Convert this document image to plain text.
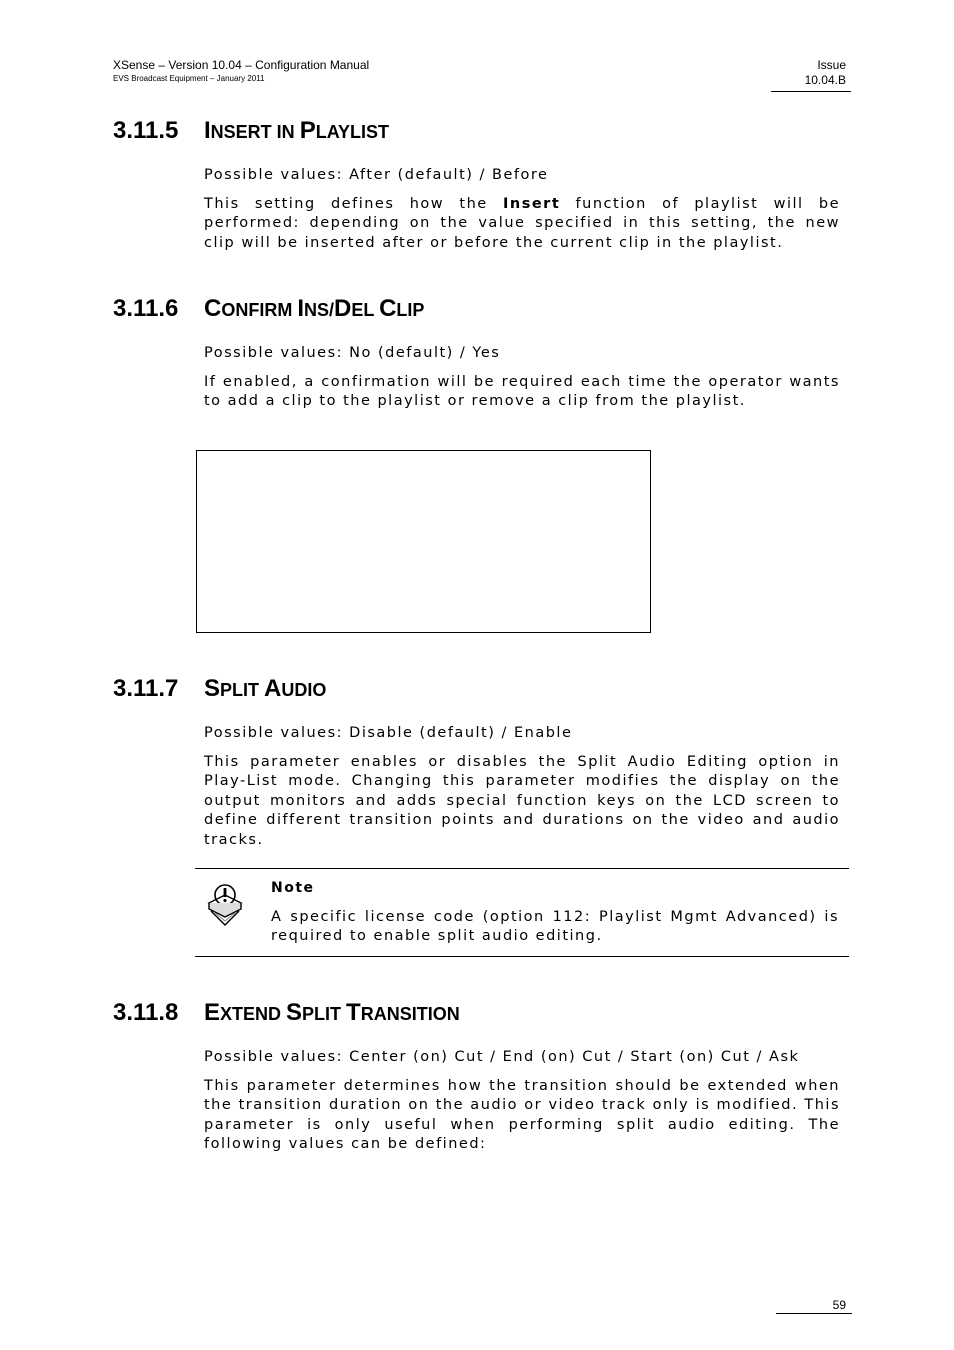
XSense – Version 10.04 – Configuration Manual
EVS Broadcast Equipment – January 2011
Issue
10.04.B
3.11.5 INSERT IN PLAYLIST

Possible values: After (default) / Before

This setting defines how the Insert function of playlist will be performed: depending on the value specified in this setting, the new clip will be inserted after or before the current clip in the playlist.

3.11.6 CONFIRM INS/DEL CLIP

Possible values: No (default) / Yes

If enabled, a confirmation will be required each time the operator wants to add a clip to the playlist or remove a clip from the playlist.

3.11.7 SPLIT AUDIO

Possible values: Disable (default) / Enable

This parameter enables or disables the Split Audio Editing option in Play-List mode. Changing this parameter modifies the display on the output monitors and adds special function keys on the LCD screen to define different transition points and durations on the video and audio tracks.

Note

A specific license code (option 112: Playlist Mgmt Advanced) is required to enable split audio editing.

3.11.8 EXTEND SPLIT TRANSITION

Possible values: Center (on) Cut / End (on) Cut / Start (on) Cut / Ask

This parameter determines how the transition should be extended when the transition duration on the audio or video track only is modified. This parameter is only useful when performing split audio editing. The following values can be defined:

59
